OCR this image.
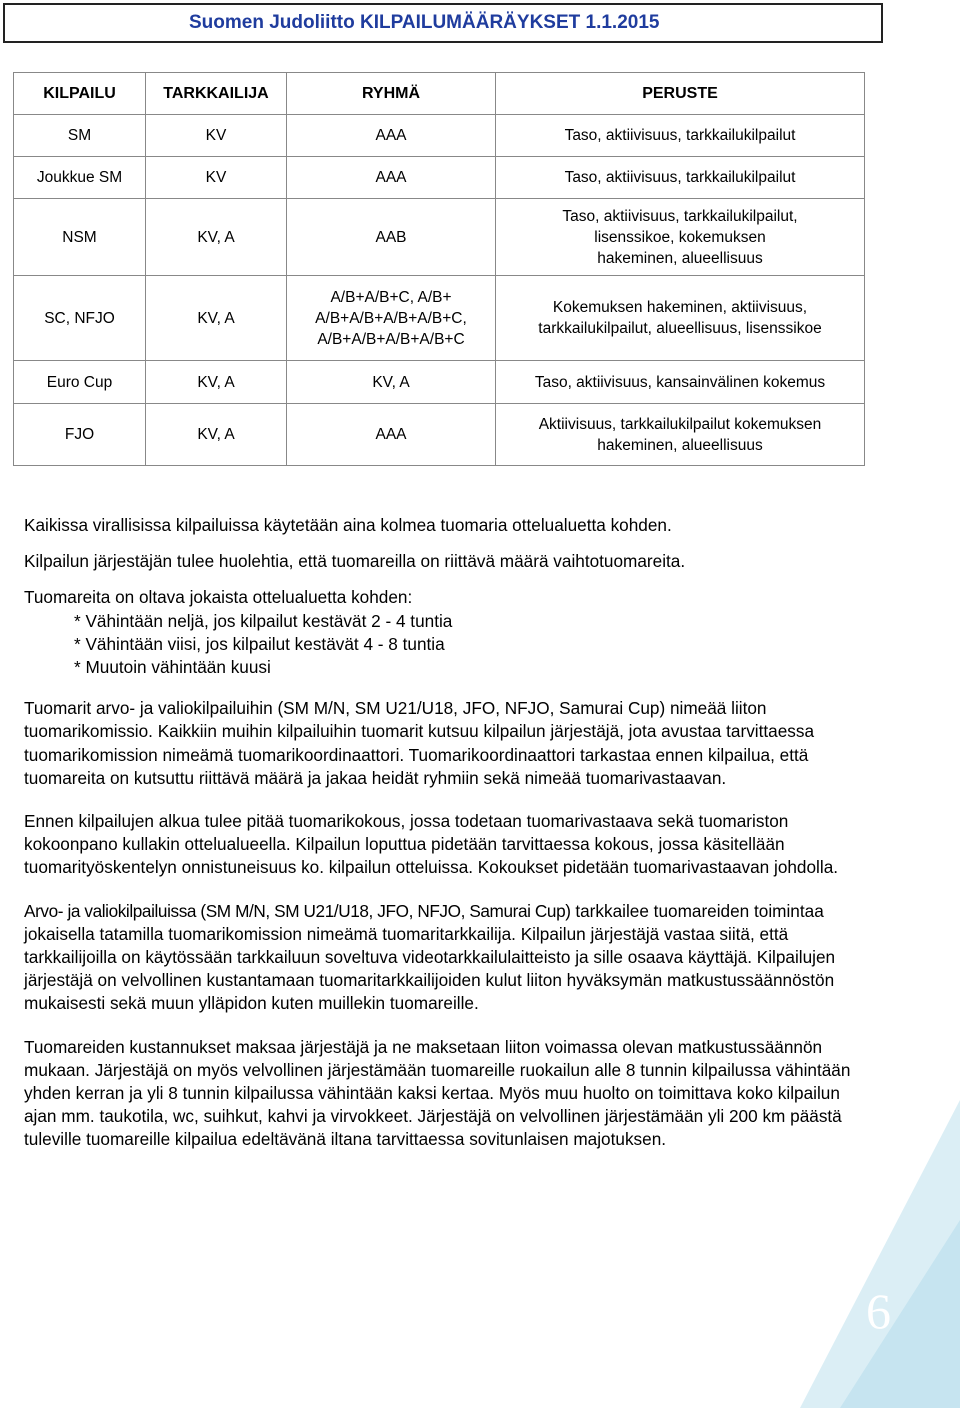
Suomen Judoliitto KILPAILUMÄÄRÄYKSET 1.1.2015
KILPAILU	TARKKAILIJA	RYHMÄ	PERUSTE
SM	KV	AAA	Taso, aktiivisuus, tarkkailukilpailut
Joukkue SM	KV	AAA	Taso, aktiivisuus, tarkkailukilpailut
NSM	KV, A	AAB	Taso, aktiivisuus, tarkkailukilpailut, lisenssikoe, kokemuksen hakeminen, alueellisuus
SC, NFJO	KV, A	A/B+A/B+C, A/B+ A/B+A/B+A/B+A/B+C, A/B+A/B+A/B+A/B+C	Kokemuksen hakeminen, aktiivisuus, tarkkailukilpailut, alueellisuus, lisenssikoe
Euro Cup	KV, A	KV, A	Taso, aktiivisuus, kansainvälinen kokemus
FJO	KV, A	AAA	Aktiivisuus, tarkkailukilpailut kokemuksen hakeminen, alueellisuus

Kaikissa virallisissa kilpailuissa käytetään aina kolmea tuomaria ottelualuetta kohden.

Kilpailun järjestäjän tulee huolehtia, että tuomareilla on riittävä määrä vaihtotuomareita.

Tuomareita on oltava jokaista ottelualuetta kohden:

* Vähintään neljä, jos kilpailut kestävät 2 - 4 tuntia

* Vähintään viisi, jos kilpailut kestävät 4 - 8 tuntia

* Muutoin vähintään kuusi

Tuomarit arvo- ja valiokilpailuihin (SM M/N, SM U21/U18, JFO, NFJO, Samurai Cup) nimeää liiton tuomarikomissio. Kaikkiin muihin kilpailuihin tuomarit kutsuu kilpailun järjestäjä, jota avustaa tarvittaessa tuomarikomission nimeämä tuomarikoordinaattori. Tuomarikoordinaattori tarkastaa ennen kilpailua, että tuomareita on kutsuttu riittävä määrä ja jakaa heidät ryhmiin sekä nimeää tuomarivastaavan.

Ennen kilpailujen alkua tulee pitää tuomarikokous, jossa todetaan tuomarivastaava sekä tuomariston kokoonpano kullakin ottelualueella. Kilpailun loputtua pidetään tarvittaessa kokous, jossa käsitellään tuomarityöskentelyn onnistuneisuus ko. kilpailun otteluissa. Kokoukset pidetään tuomarivastaavan johdolla.

Arvo- ja valiokilpailuissa (SM M/N, SM U21/U18, JFO, NFJO, Samurai Cup) tarkkailee tuomareiden toimintaa jokaisella tatamilla tuomarikomission nimeämä tuomaritarkkailija. Kilpailun järjestäjä vastaa siitä, että tarkkailijoilla on käytössään tarkkailuun soveltuva videotarkkailulaitteisto ja sille osaava käyttäjä. Kilpailujen järjestäjä on velvollinen kustantamaan tuomaritarkkailijoiden kulut liiton hyväksymän matkustussäännöstön mukaisesti sekä muun ylläpidon kuten muillekin tuomareille.

Tuomareiden kustannukset maksaa järjestäjä ja ne maksetaan liiton voimassa olevan matkustussäännön mukaan. Järjestäjä on myös velvollinen järjestämään tuomareille ruokailun alle 8 tunnin kilpailussa vähintään yhden kerran ja yli 8 tunnin kilpailussa vähintään kaksi kertaa. Myös muu huolto on toimittava koko kilpailun ajan mm. taukotila, wc, suihkut, kahvi ja virvokkeet. Järjestäjä on velvollinen järjestämään yli 200 km päästä tuleville tuomareille kilpailua edeltävänä iltana tarvittaessa sovitunlaisen majotuksen.

6
